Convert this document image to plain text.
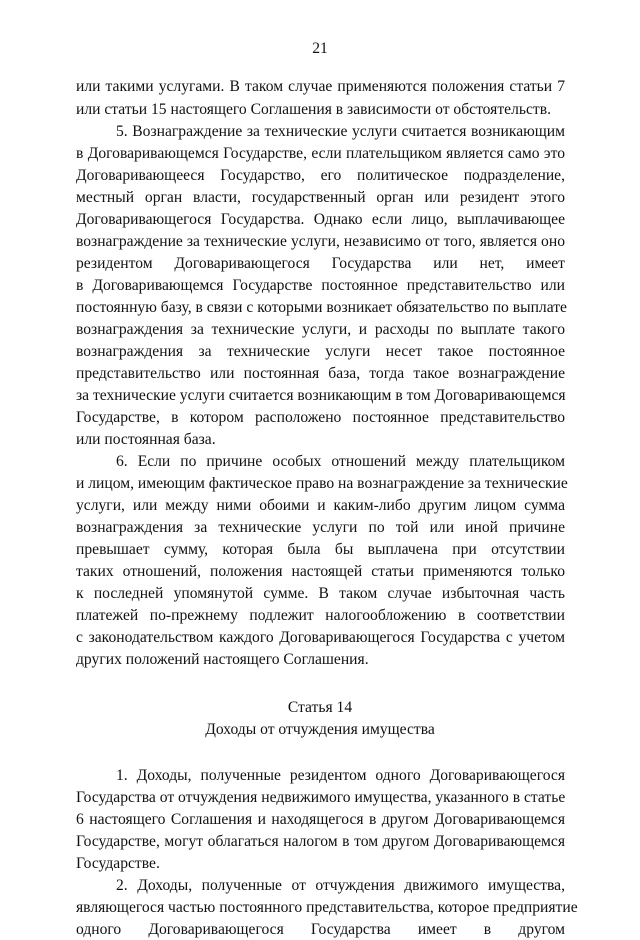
21
или такими услугами. В таком случае применяются положения статьи 7
или статьи 15 настоящего Соглашения в зависимости от обстоятельств.
5. Вознаграждение за технические услуги считается возникающим
в Договаривающемся Государстве, если плательщиком является само это
Договаривающееся Государство, его политическое подразделение,
местный орган власти, государственный орган или резидент этого
Договаривающегося Государства. Однако если лицо, выплачивающее
вознаграждение за технические услуги, независимо от того, является оно
резидентом Договаривающегося Государства или нет, имеет
в Договаривающемся Государстве постоянное представительство или
постоянную базу, в связи с которыми возникает обязательство по выплате
вознаграждения за технические услуги, и расходы по выплате такого
вознаграждения за технические услуги несет такое постоянное
представительство или постоянная база, тогда такое вознаграждение
за технические услуги считается возникающим в том Договаривающемся
Государстве, в котором расположено постоянное представительство
или постоянная база.
6. Если по причине особых отношений между плательщиком
и лицом, имеющим фактическое право на вознаграждение за технические
услуги, или между ними обоими и каким-либо другим лицом сумма
вознаграждения за технические услуги по той или иной причине
превышает сумму, которая была бы выплачена при отсутствии
таких отношений, положения настоящей статьи применяются только
к последней упомянутой сумме. В таком случае избыточная часть
платежей по-прежнему подлежит налогообложению в соответствии
с законодательством каждого Договаривающегося Государства с учетом
других положений настоящего Соглашения.
Статья 14
Доходы от отчуждения имущества
1. Доходы, полученные резидентом одного Договаривающегося
Государства от отчуждения недвижимого имущества, указанного в статье
6 настоящего Соглашения и находящегося в другом Договаривающемся
Государстве, могут облагаться налогом в том другом Договаривающемся
Государстве.
2. Доходы, полученные от отчуждения движимого имущества,
являющегося частью постоянного представительства, которое предприятие
одного Договаривающегося Государства имеет в другом
